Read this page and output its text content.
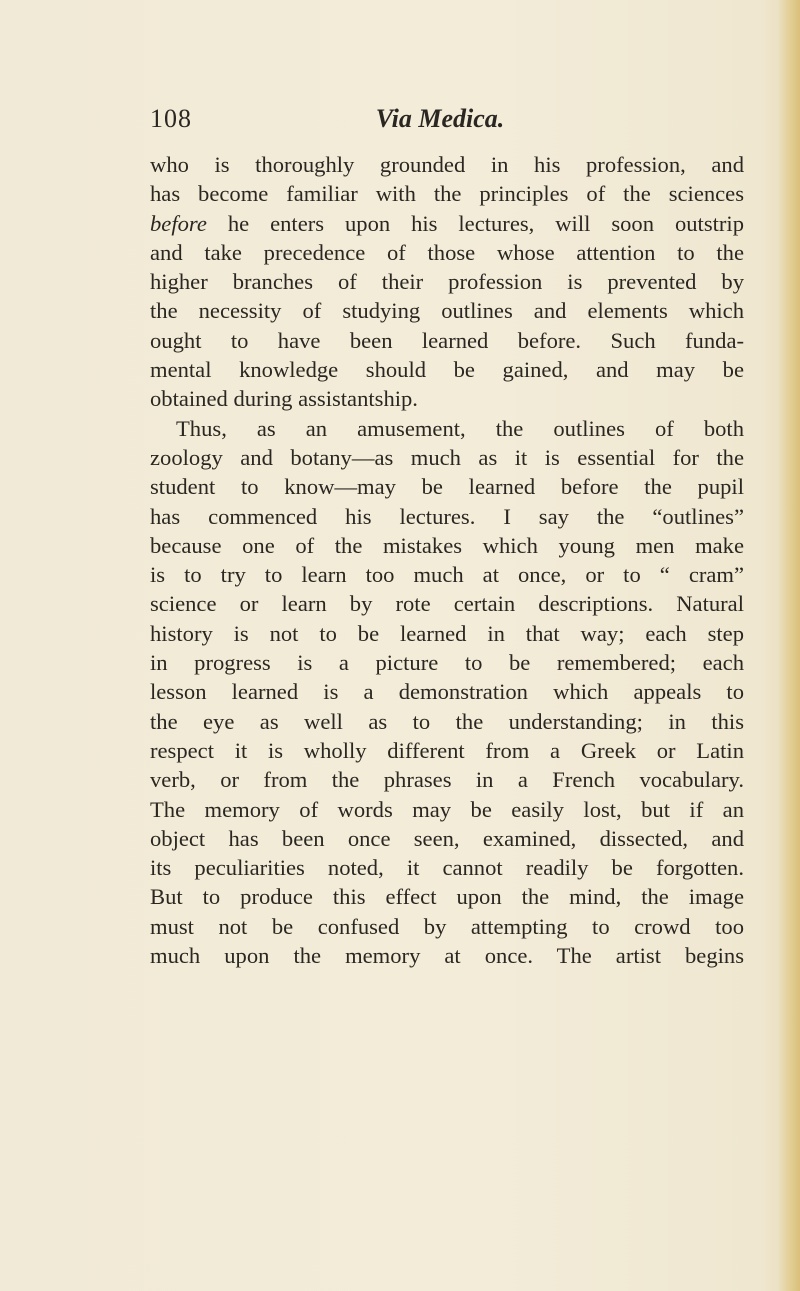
108	Via Medica.
who is thoroughly grounded in his profession, and
has become familiar with the principles of the sciences
before he enters upon his lectures, will soon outstrip
and take precedence of those whose attention to the
higher branches of their profession is prevented by
the necessity of studying outlines and elements which
ought to have been learned before. Such funda-
mental knowledge should be gained, and may be
obtained during assistantship.
Thus, as an amusement, the outlines of both
zoology and botany—as much as it is essential for the
student to know—may be learned before the pupil
has commenced his lectures. I say the “outlines”
because one of the mistakes which young men make
is to try to learn too much at once, or to “ cram”
science or learn by rote certain descriptions. Natural
history is not to be learned in that way; each step
in progress is a picture to be remembered; each
lesson learned is a demonstration which appeals to
the eye as well as to the understanding; in this
respect it is wholly different from a Greek or Latin
verb, or from the phrases in a French vocabulary.
The memory of words may be easily lost, but if an
object has been once seen, examined, dissected, and
its peculiarities noted, it cannot readily be forgotten.
But to produce this effect upon the mind, the image
must not be confused by attempting to crowd too
much upon the memory at once. The artist begins
